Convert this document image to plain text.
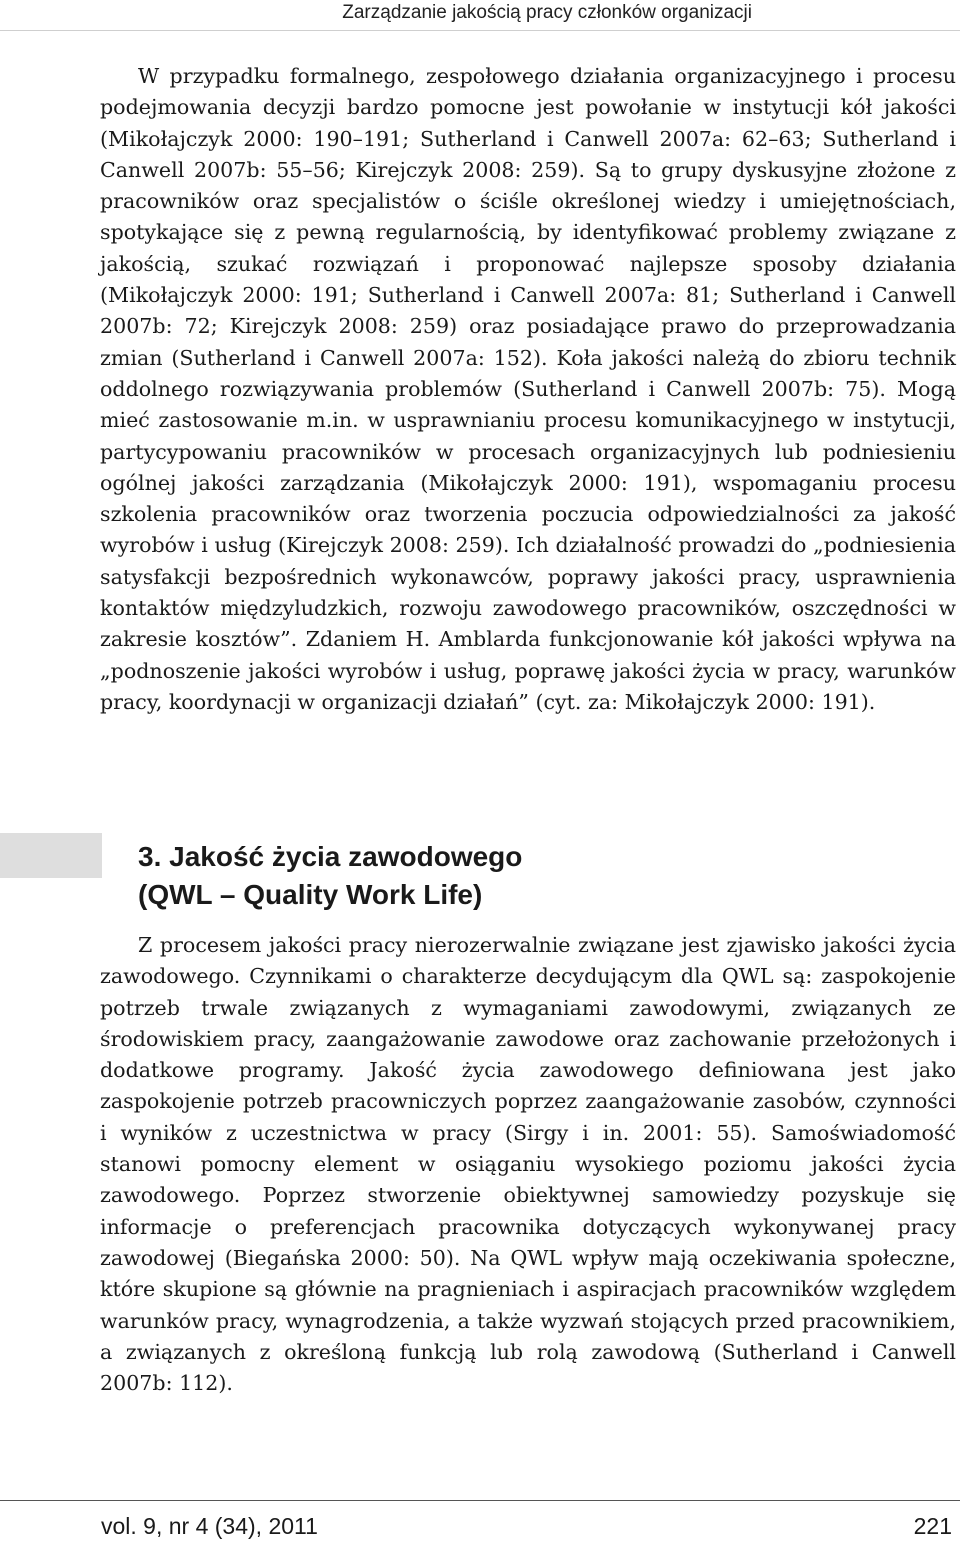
Zarządzanie jakością pracy członków organizacji

W przypadku formalnego, zespołowego działania organizacyjnego i procesu podejmowania decyzji bardzo pomocne jest powołanie w instytucji kół jakości (Mikołajczyk 2000: 190–191; Sutherland i Canwell 2007a: 62–63; Sutherland i Canwell 2007b: 55–56; Kirejczyk 2008: 259). Są to grupy dyskusyjne złożone z pracowników oraz specjalistów o ściśle określonej wiedzy i umiejętnościach, spotykające się z pewną regularnością, by identyfikować problemy związane z jakością, szukać rozwiązań i proponować najlepsze sposoby działania (Mikołajczyk 2000: 191; Sutherland i Canwell 2007a: 81; Sutherland i Canwell 2007b: 72; Kirejczyk 2008: 259) oraz posiadające prawo do przeprowadzania zmian (Sutherland i Canwell 2007a: 152). Koła jakości należą do zbioru technik oddolnego rozwiązywania problemów (Sutherland i Canwell 2007b: 75). Mogą mieć zastosowanie m.in. w usprawnianiu procesu komunikacyjnego w instytucji, partycypowaniu pracowników w procesach organizacyjnych lub podniesieniu ogólnej jakości zarządzania (Mikołajczyk 2000: 191), wspomaganiu procesu szkolenia pracowników oraz tworzenia poczucia odpowiedzialności za jakość wyrobów i usług (Kirejczyk 2008: 259). Ich działalność prowadzi do „podniesienia satysfakcji bezpośrednich wykonawców, poprawy jakości pracy, usprawnienia kontaktów międzyludzkich, rozwoju zawodowego pracowników, oszczędności w zakresie kosztów”. Zdaniem H. Amblarda funkcjonowanie kół jakości wpływa na „podnoszenie jakości wyrobów i usług, poprawę jakości życia w pracy, warunków pracy, koordynacji w organizacji działań” (cyt. za: Mikołajczyk 2000: 191).

3. Jakość życia zawodowego
(QWL – Quality Work Life)

Z procesem jakości pracy nierozerwalnie związane jest zjawisko jakości życia zawodowego. Czynnikami o charakterze decydującym dla QWL są: zaspokojenie potrzeb trwale związanych z wymaganiami zawodowymi, związanych ze środowiskiem pracy, zaangażowanie zawodowe oraz zachowanie przełożonych i dodatkowe programy. Jakość życia zawodowego definiowana jest jako zaspokojenie potrzeb pracowniczych poprzez zaangażowanie zasobów, czynności i wyników z uczestnictwa w pracy (Sirgy i in. 2001: 55). Samoświadomość stanowi pomocny element w osiąganiu wysokiego poziomu jakości życia zawodowego. Poprzez stworzenie obiektywnej samowiedzy pozyskuje się informacje o preferencjach pracownika dotyczących wykonywanej pracy zawodowej (Biegańska 2000: 50). Na QWL wpływ mają oczekiwania społeczne, które skupione są głównie na pragnieniach i aspiracjach pracowników względem warunków pracy, wynagrodzenia, a także wyzwań stojących przed pracownikiem, a związanych z określoną funkcją lub rolą zawodową (Sutherland i Canwell 2007b: 112).

vol. 9, nr 4 (34), 2011	221
